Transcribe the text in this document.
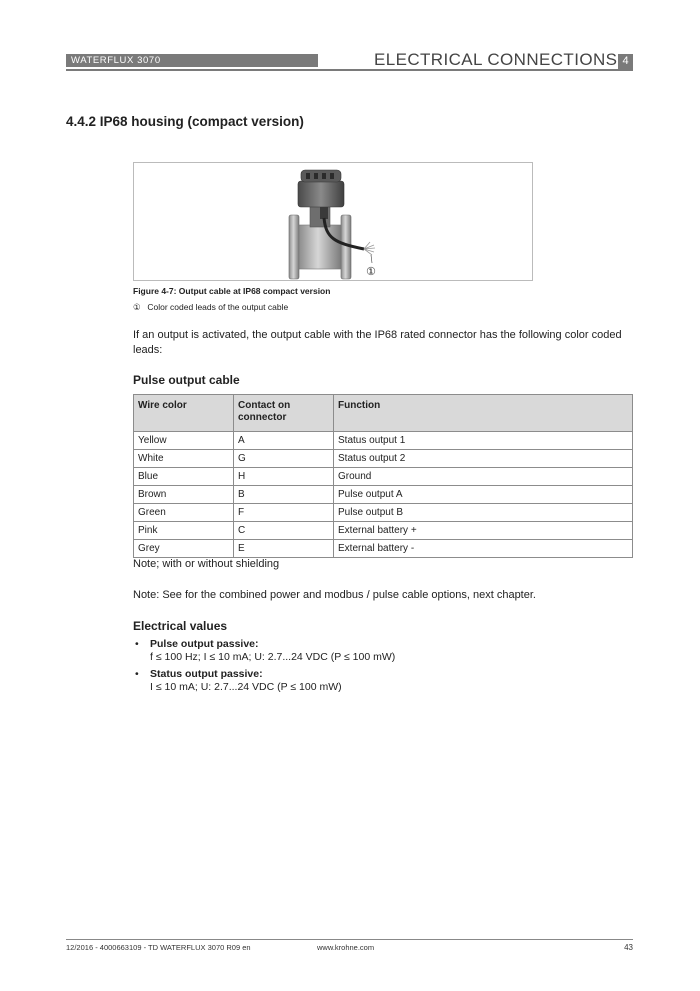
WATERFLUX 3070	ELECTRICAL CONNECTIONS 4
4.4.2 IP68 housing (compact version)
①
Figure 4-7: Output cable at IP68 compact version
① Color coded leads of the output cable
If an output is activated, the output cable with the IP68 rated connector has the following color coded leads:
Pulse output cable
Wire color	Contact on connector	Function
Yellow	A	Status output 1
White	G	Status output 2
Blue	H	Ground
Brown	B	Pulse output A
Green	F	Pulse output B
Pink	C	External battery +
Grey	E	External battery -
Note; with or without shielding
Note: See for the combined power and modbus / pulse cable options, next chapter.
Electrical values
• Pulse output passive:
f ≤ 100 Hz; I ≤ 10 mA; U: 2.7...24 VDC (P ≤ 100 mW)
• Status output passive:
I ≤ 10 mA; U: 2.7...24 VDC (P ≤ 100 mW)
12/2016 - 4000663109 - TD WATERFLUX 3070 R09 en	www.krohne.com	43
